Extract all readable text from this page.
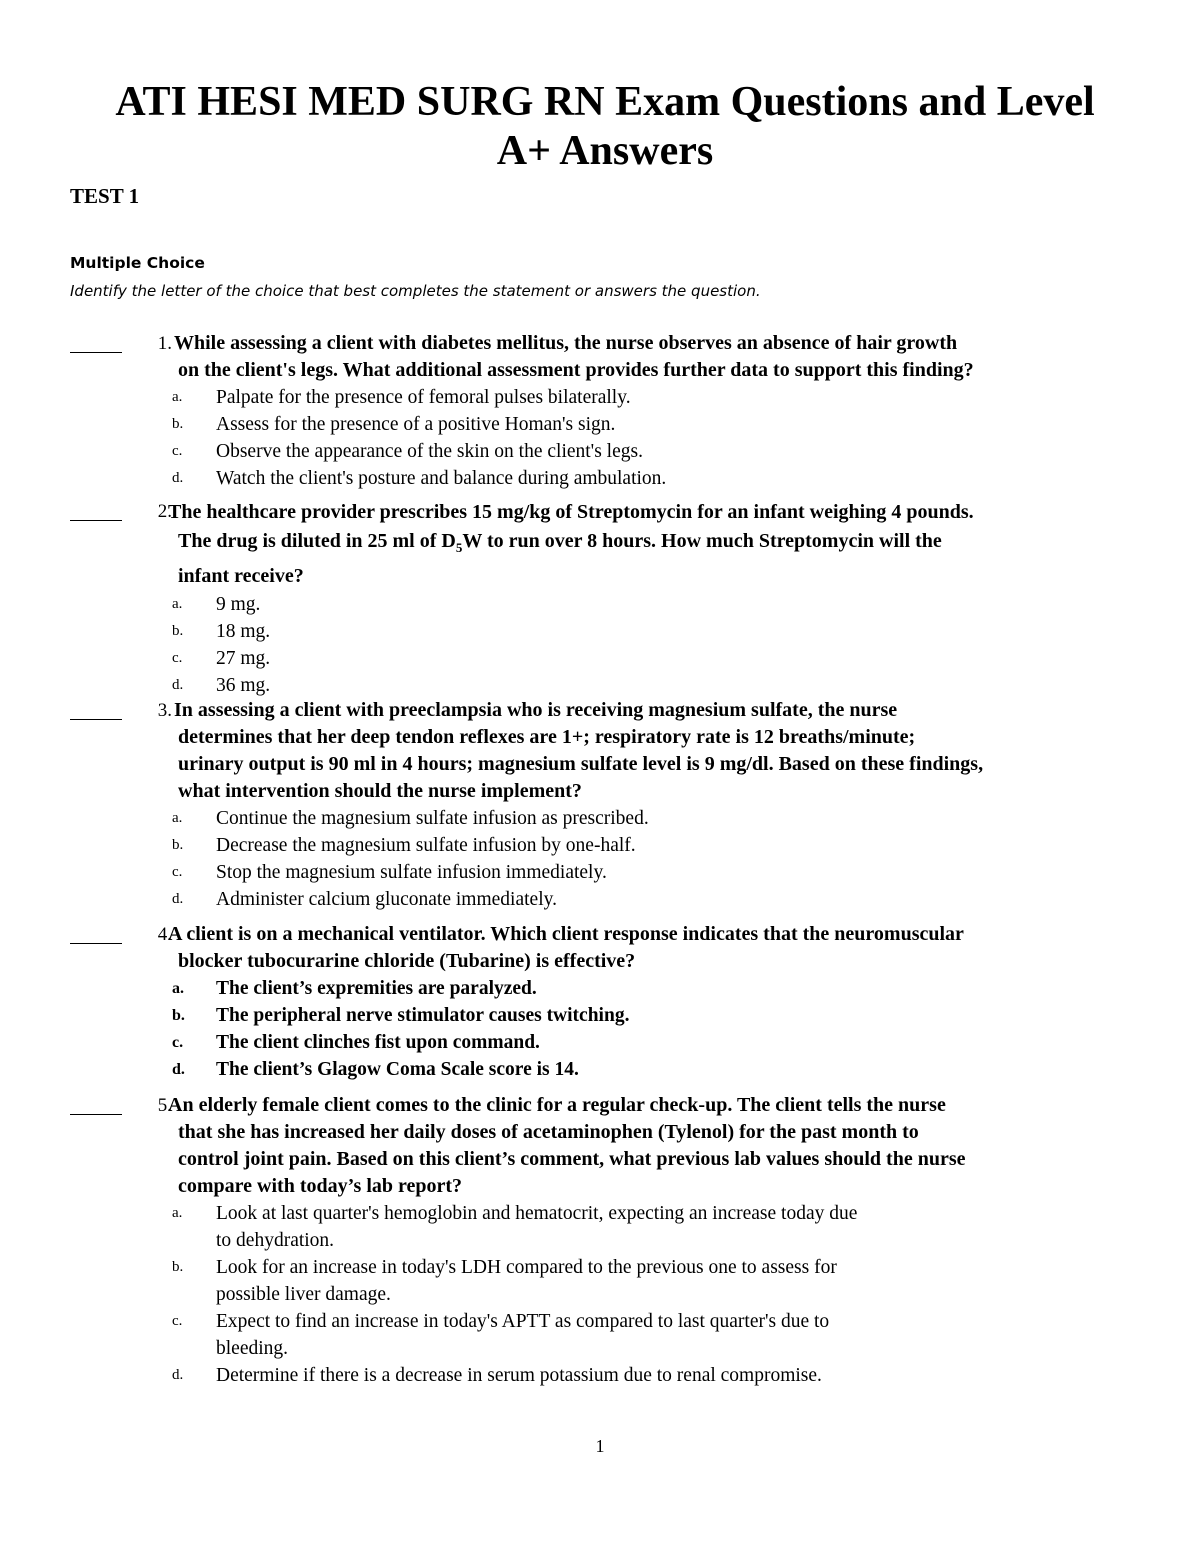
ATI HESI MED SURG RN Exam Questions and Level
A+ Answers
TEST 1
Multiple Choice
Identify the letter of the choice that best completes the statement or answers the question.
1. While assessing a client with diabetes mellitus, the nurse observes an absence of hair growth
on the client's legs. What additional assessment provides further data to support this finding?
a. Palpate for the presence of femoral pulses bilaterally.
b. Assess for the presence of a positive Homan's sign.
c. Observe the appearance of the skin on the client's legs.
d. Watch the client's posture and balance during ambulation.
2.
The healthcare provider prescribes 15 mg/kg of Streptomycin for an infant weighing 4 pounds.
The drug is diluted in 25 ml of $D_5W$ to run over 8 hours. How much Streptomycin will the
infant receive?
a. 9 mg.
b. 18 mg.
c. 27 mg.
d. 36 mg.
3. In assessing a client with preeclampsia who is receiving magnesium sulfate, the nurse
determines that her deep tendon reflexes are 1+; respiratory rate is 12 breaths/minute;
urinary output is 90 ml in 4 hours; magnesium sulfate level is 9 mg/dl. Based on these findings,
what intervention should the nurse implement?
a. Continue the magnesium sulfate infusion as prescribed.
b. Decrease the magnesium sulfate infusion by one-half.
c. Stop the magnesium sulfate infusion immediately.
d. Administer calcium gluconate immediately.
4.
A client is on a mechanical ventilator. Which client response indicates that the neuromuscular
blocker tubocurarine chloride (Tubarine) is effective?
a. The client’s expremities are paralyzed.
b. The peripheral nerve stimulator causes twitching.
c. The client clinches fist upon command.
d. The client’s Glagow Coma Scale score is 14.
5.
An elderly female client comes to the clinic for a regular check-up. The client tells the nurse
that she has increased her daily doses of acetaminophen (Tylenol) for the past month to
control joint pain. Based on this client’s comment, what previous lab values should the nurse
compare with today’s lab report?
a. Look at last quarter's hemoglobin and hematocrit, expecting an increase today due
to dehydration.
b. Look for an increase in today's LDH compared to the previous one to assess for
possible liver damage.
c. Expect to find an increase in today's APTT as compared to last quarter's due to
bleeding.
d. Determine if there is a decrease in serum potassium due to renal compromise.
1
